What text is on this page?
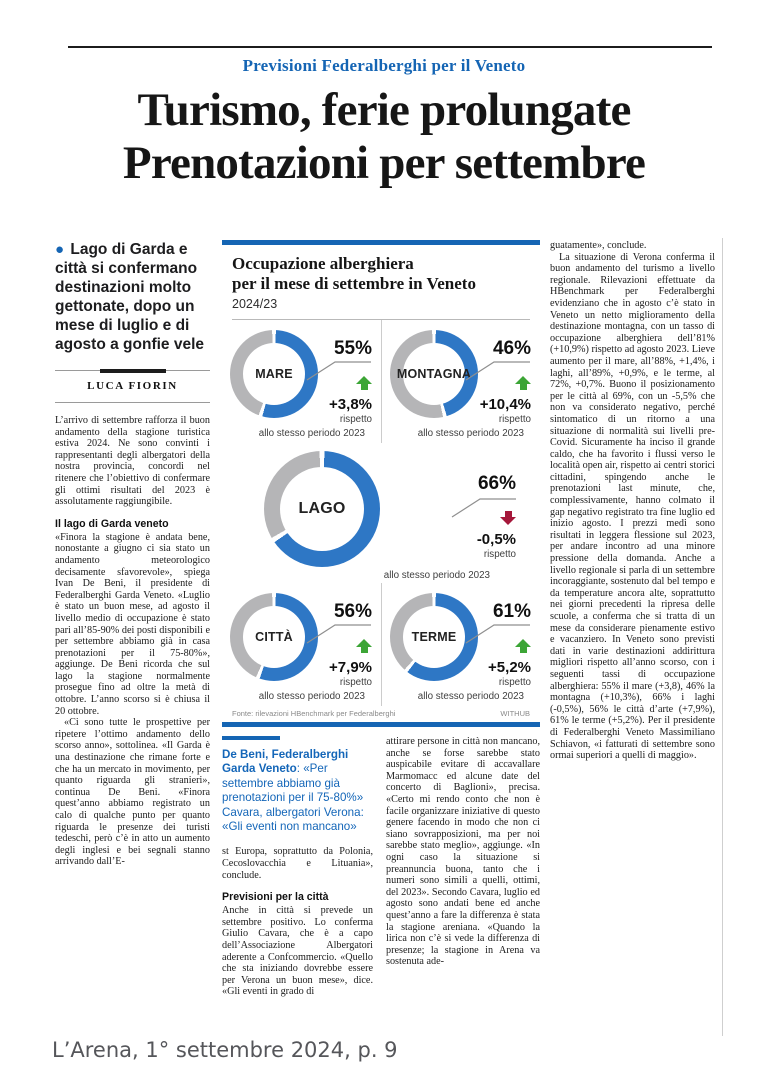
Previsioni Federalberghi per il Veneto
Turismo, ferie prolungate
Prenotazioni per settembre
● Lago di Garda e città si confermano destinazioni molto gettonate, dopo un mese di luglio e di agosto a gonfie vele
LUCA FIORIN

L’arrivo di settembre rafforza il buon andamento della stagione turistica estiva 2024. Ne sono convinti i rappresentanti degli albergatori della nostra provincia, concordi nel ritenere che l’obiettivo di confermare gli ottimi risultati del 2023 è assolutamente raggiungibile.

Il lago di Garda veneto

«Finora la stagione è andata bene, nonostante a giugno ci sia stato un andamento meteorologico decisamente sfavorevole», spiega Ivan De Beni, il presidente di Federalberghi Garda Veneto. «Luglio è stato un buon mese, ad agosto il livello medio di occupazione è stato pari all’85-90% dei posti disponibili e per settembre abbiamo già in casa prenotazioni per il 75-80%», aggiunge. De Beni ricorda che sul lago la stagione normalmente prosegue fino ad oltre la metà di ottobre. L’anno scorso si è chiusa il 20 ottobre.

«Ci sono tutte le prospettive per ripetere l’ottimo andamento dello scorso anno», sottolinea. «Il Garda è una destinazione che rimane forte e che ha un mercato in movimento, per quanto riguarda gli stranieri», continua De Beni. «Finora quest’anno abbiamo registrato un calo di qualche punto per quanto riguarda le presenze dei turisti tedeschi, però c’è in atto un aumento degli inglesi e bei segnali stanno arrivando dall’E-

Occupazione alberghiera
per il mese di settembre in Veneto
2024/23
MARE
55%
+3,8%
rispetto
allo stesso periodo 2023
MONTAGNA
46%
+10,4%
rispetto
allo stesso periodo 2023
LAGO
66%
-0,5%
rispetto
allo stesso periodo 2023
CITTÀ
56%
+7,9%
rispetto
allo stesso periodo 2023
TERME
61%
+5,2%
rispetto
allo stesso periodo 2023
Fonte: rilevazioni HBenchmark per Federalberghi	WITHUB
De Beni, Federalberghi Garda Veneto: «Per settembre abbiamo già prenotazioni per il 75-80%» Cavara, albergatori Verona: «Gli eventi non mancano»

st Europa, soprattutto da Polonia, Cecoslovacchia e Lituania», conclude.

Previsioni per la città

Anche in città si prevede un settembre positivo. Lo conferma Giulio Cavara, che è a capo dell’Associazione Albergatori aderente a Confcommercio. «Quello che sta iniziando dovrebbe essere per Verona un buon mese», dice. «Gli eventi in grado di

attirare persone in città non mancano, anche se forse sarebbe stato auspicabile evitare di accavallare Marmomacc ed alcune date del concerto di Baglioni», precisa. «Certo mi rendo conto che non è facile organizzare iniziative di questo genere facendo in modo che non ci siano sovrapposizioni, ma per noi sarebbe stato meglio», aggiunge. «In ogni caso la situazione si preannuncia buona, tanto che i numeri sono simili a quelli, ottimi, del 2023». Secondo Cavara, luglio ed agosto sono andati bene ed anche quest’anno a fare la differenza è stata la stagione areniana. «Quando la lirica non c’è si vede la differenza di presenze; la stagione in Arena va sostenuta ade-

guatamente», conclude.

La situazione di Verona conferma il buon andamento del turismo a livello regionale. Rilevazioni effettuate da HBenchmark per Federalberghi evidenziano che in agosto c’è stato in Veneto un netto miglioramento della destinazione montagna, con un tasso di occupazione alberghiera dell’81% (+10,9%) rispetto ad agosto 2023. Lieve aumento per il mare, all’88%, +1,4%, i laghi, all’89%, +0,9%, e le terme, al 72%, +0,7%. Buono il posizionamento per le città al 69%, con un -5,5% che non va considerato negativo, perché sintomatico di un ritorno a una situazione di normalità sui livelli pre-Covid. Sicuramente ha inciso il grande caldo, che ha favorito i flussi verso le località open air, rispetto ai centri storici cittadini, spingendo anche le prenotazioni last minute, che, complessivamente, hanno colmato il gap negativo registrato tra fine luglio ed inizio agosto. I prezzi medi sono risultati in leggera flessione sul 2023, per andare incontro ad una minore pressione della domanda. Anche a livello regionale si parla di un settembre incoraggiante, sostenuto dal bel tempo e da temperature ancora alte, soprattutto nei giorni precedenti la ripresa delle scuole, a conferma che si tratta di un mese da considerare pienamente estivo e vacanziero. In Veneto sono previsti dati in varie destinazioni addirittura migliori rispetto all’anno scorso, con i seguenti tassi di occupazione alberghiera: 55% il mare (+3,8), 46% la montagna (+10,3%), 66% i laghi (-0,5%), 56% le città d’arte (+7,9%), 61% le terme (+5,2%). Per il presidente di Federalberghi Veneto Massimiliano Schiavon, «i fatturati di settembre sono ormai superiori a quelli di maggio».

L’Arena, 1° settembre 2024, p. 9
